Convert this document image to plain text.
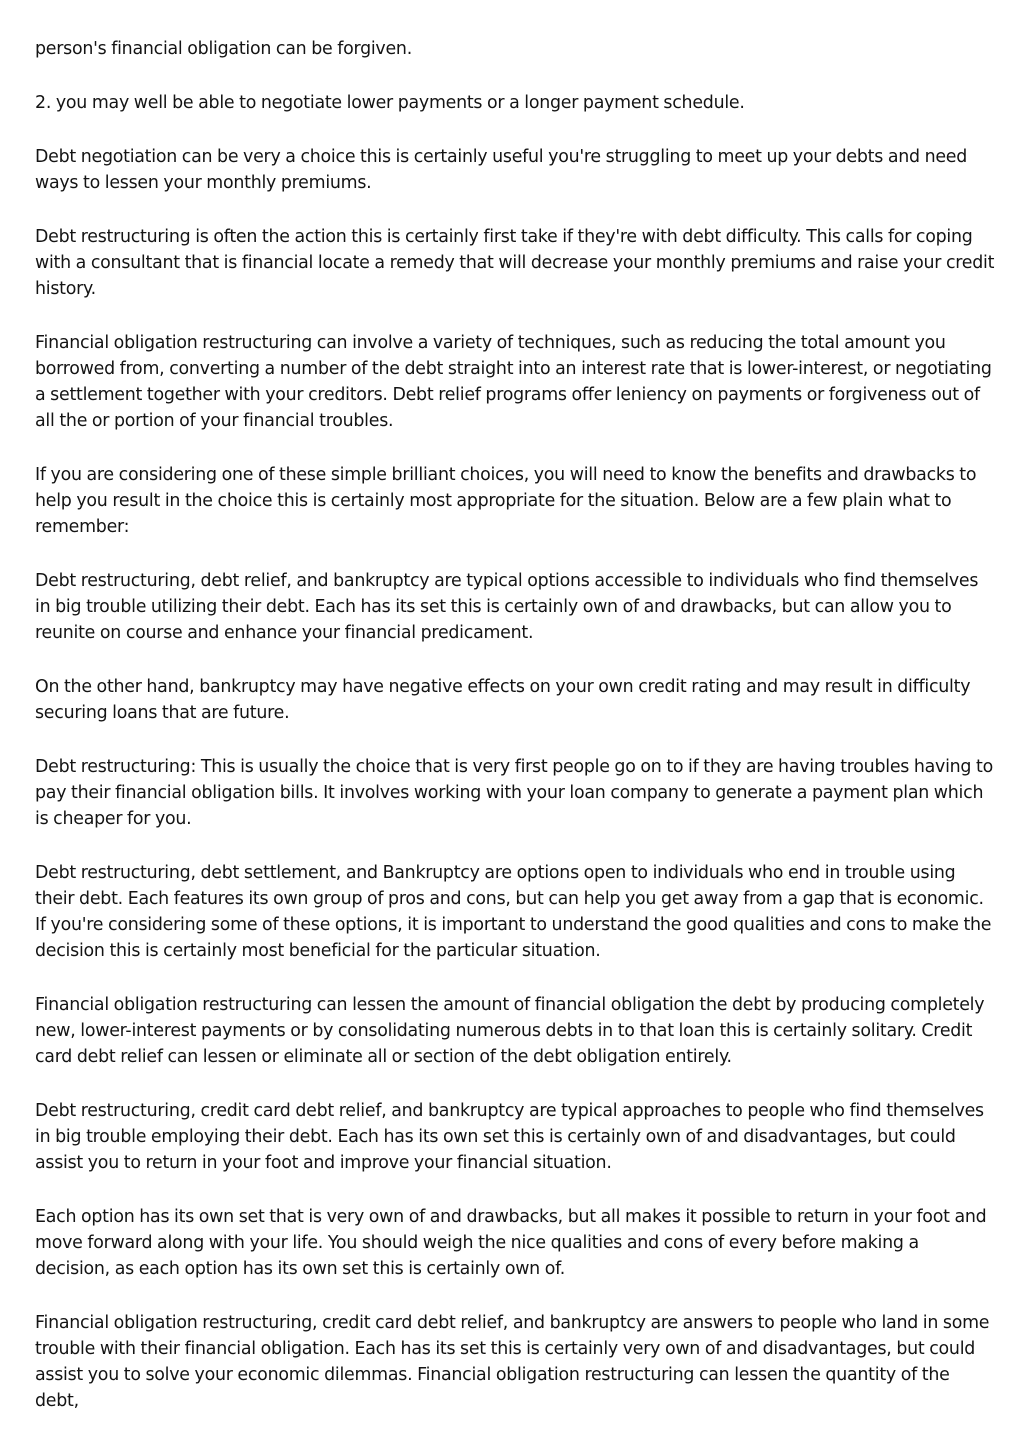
person's financial obligation can be forgiven.

2. you may well be able to negotiate lower payments or a longer payment schedule.

Debt negotiation can be very a choice this is certainly useful you're struggling to meet up your debts and need ways to lessen your monthly premiums.

Debt restructuring is often the action this is certainly first take if they're with debt difficulty. This calls for coping with a consultant that is financial locate a remedy that will decrease your monthly premiums and raise your credit history.

Financial obligation restructuring can involve a variety of techniques, such as reducing the total amount you borrowed from, converting a number of the debt straight into an interest rate that is lower-interest, or negotiating a settlement together with your creditors. Debt relief programs offer leniency on payments or forgiveness out of all the or portion of your financial troubles.

If you are considering one of these simple brilliant choices, you will need to know the benefits and drawbacks to help you result in the choice this is certainly most appropriate for the situation. Below are a few plain what to remember:

Debt restructuring, debt relief, and bankruptcy are typical options accessible to individuals who find themselves in big trouble utilizing their debt. Each has its set this is certainly own of and drawbacks, but can allow you to reunite on course and enhance your financial predicament.

On the other hand, bankruptcy may have negative effects on your own credit rating and may result in difficulty securing loans that are future.

Debt restructuring: This is usually the choice that is very first people go on to if they are having troubles having to pay their financial obligation bills. It involves working with your loan company to generate a payment plan which is cheaper for you.

Debt restructuring, debt settlement, and Bankruptcy are options open to individuals who end in trouble using their debt. Each features its own group of pros and cons, but can help you get away from a gap that is economic. If you're considering some of these options, it is important to understand the good qualities and cons to make the decision this is certainly most beneficial for the particular situation.

Financial obligation restructuring can lessen the amount of financial obligation the debt by producing completely new, lower-interest payments or by consolidating numerous debts in to that loan this is certainly solitary. Credit card debt relief can lessen or eliminate all or section of the debt obligation entirely.

Debt restructuring, credit card debt relief, and bankruptcy are typical approaches to people who find themselves in big trouble employing their debt. Each has its own set this is certainly own of and disadvantages, but could assist you to return in your foot and improve your financial situation.

Each option has its own set that is very own of and drawbacks, but all makes it possible to return in your foot and move forward along with your life. You should weigh the nice qualities and cons of every before making a decision, as each option has its own set this is certainly own of.

Financial obligation restructuring, credit card debt relief, and bankruptcy are answers to people who land in some trouble with their financial obligation. Each has its set this is certainly very own of and disadvantages, but could assist you to solve your economic dilemmas. Financial obligation restructuring can lessen the quantity of the debt,
